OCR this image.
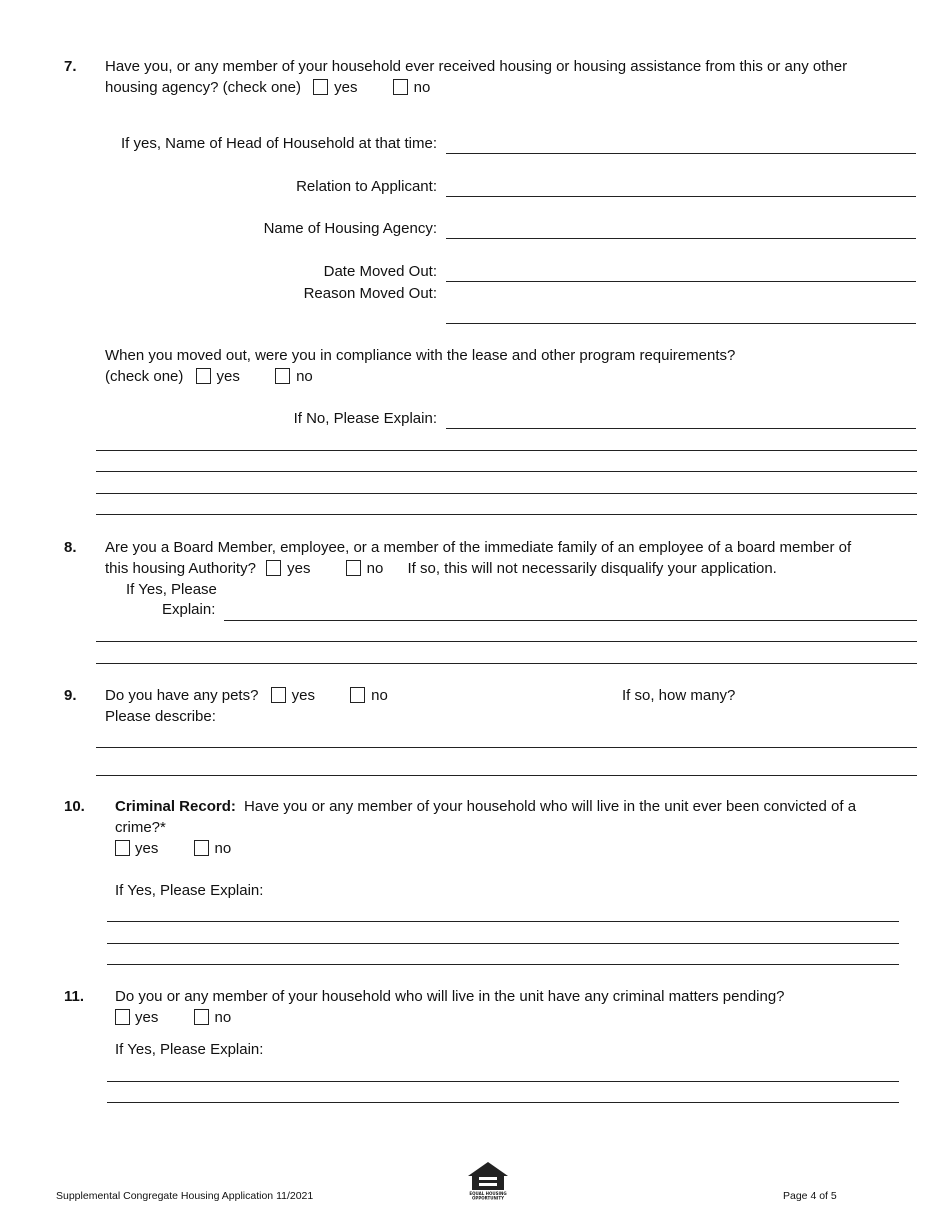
7. Have you, or any member of your household ever received housing or housing assistance from this or any other
housing agency? (check one) yes	no
If yes, Name of Head of Household at that time:
Relation to Applicant:
Name of Housing Agency:
Date Moved Out:
Reason Moved Out:
When you moved out, were you in compliance with the lease and other program requirements?
(check one) yes	no
If No, Please Explain:
8. Are you a Board Member, employee, or a member of the immediate family of an employee of a board member of
this housing Authority? yes	no If so, this will not necessarily disqualify your application.
If Yes, Please
Explain:
9. Do you have any pets? yes	no	If so, how many?
Please describe:
10. Criminal Record: Have you or any member of your household who will live in the unit ever been convicted of a
crime?*
yes	no
If Yes, Please Explain:
11. Do you or any member of your household who will live in the unit have any criminal matters pending?
yes	no
If Yes, Please Explain:
Supplemental Congregate Housing Application 11/2021	EQUAL HOUSING
OPPORTUNITY	Page 4 of 5
